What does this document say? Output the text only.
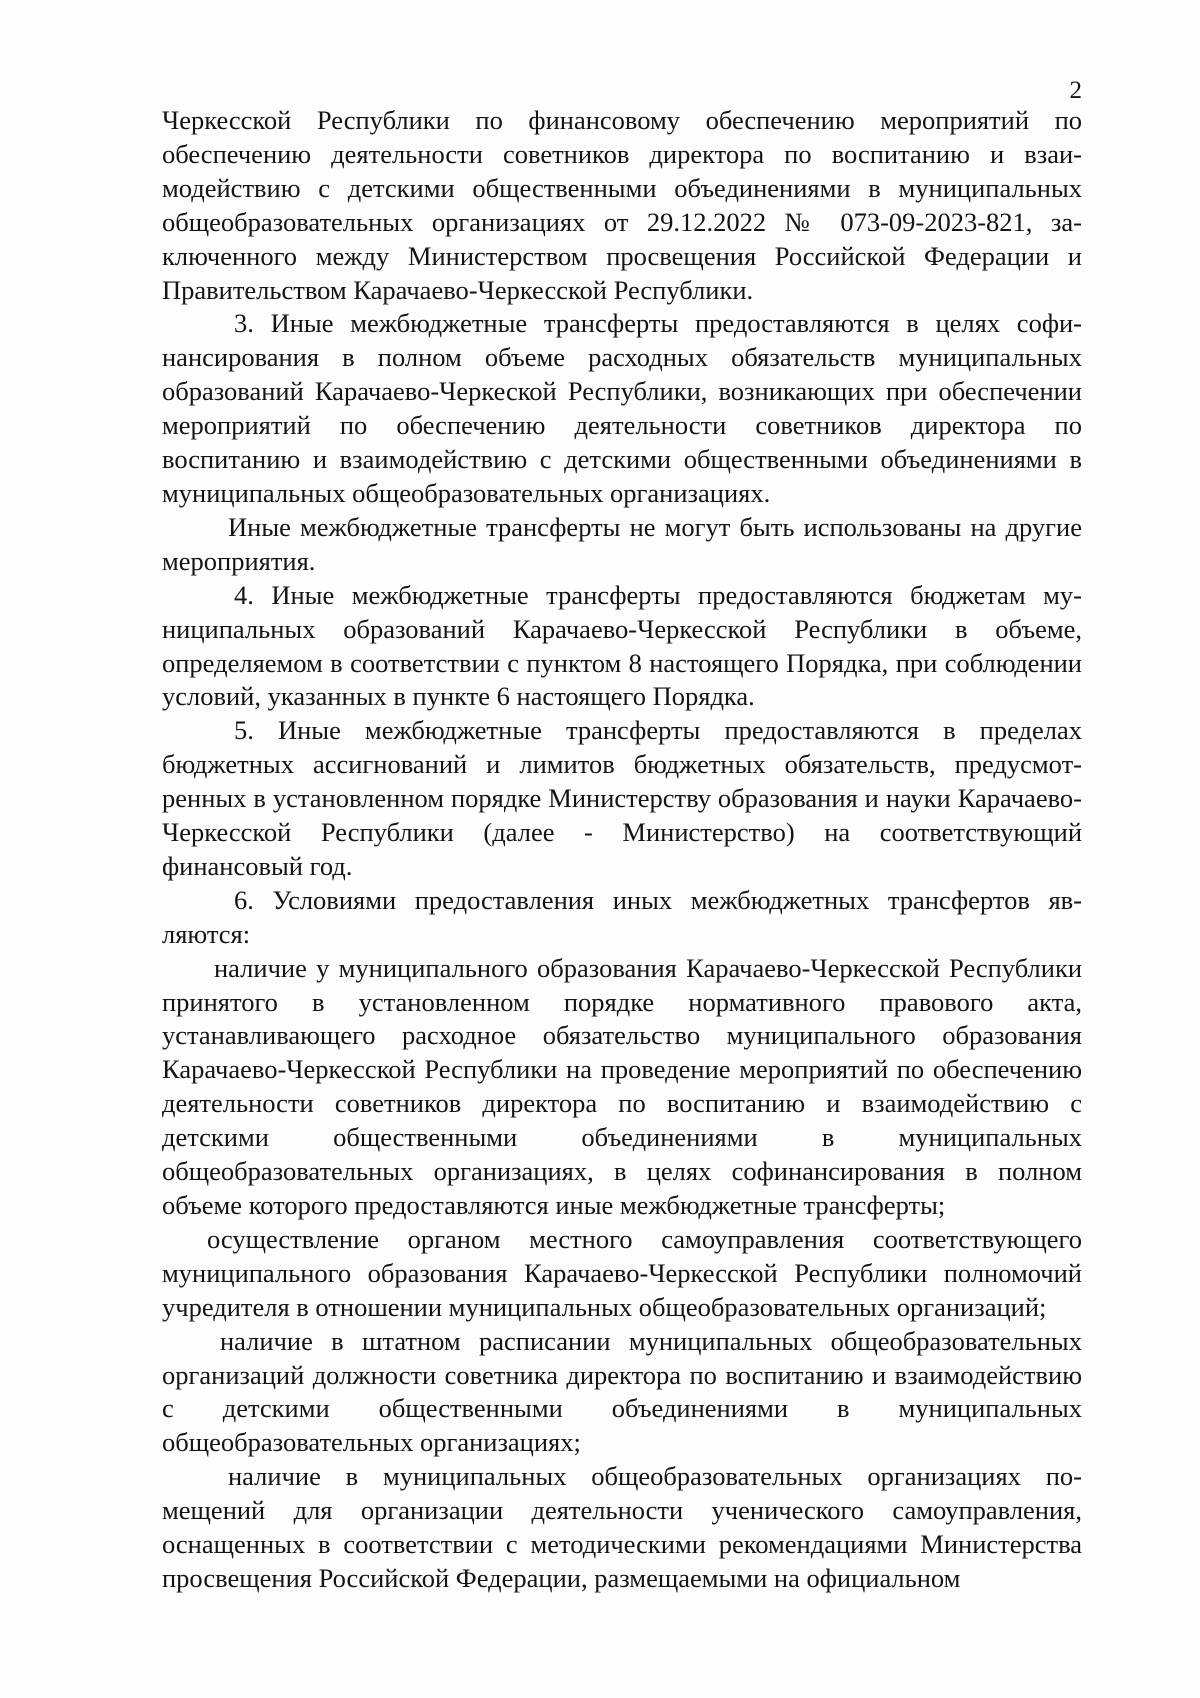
2

Черкесской Республики по финансовому обеспечению мероприятий по обеспечению деятельности советников директора по воспитанию и взаимодействию с детскими общественными объединениями в муниципальных общеобразовательных организациях от 29.12.2022 № 073-09-2023-821, заключенного между Министерством просвещения Российской Федерации и Правительством Карачаево-Черкесской Республики.

3. Иные межбюджетные трансферты предоставляются в целях софинансирования в полном объеме расходных обязательств муниципальных образований Карачаево-Черкеской Республики, возникающих при обеспечении мероприятий по обеспечению деятельности советников директора по воспитанию и взаимодействию с детскими общественными объединениями в муниципальных общеобразовательных организациях.

Иные межбюджетные трансферты не могут быть использованы на другие мероприятия.

4. Иные межбюджетные трансферты предоставляются бюджетам муниципальных образований Карачаево-Черкесской Республики в объеме, определяемом в соответствии с пунктом 8 настоящего Порядка, при соблюдении условий, указанных в пункте 6 настоящего Порядка.

5. Иные межбюджетные трансферты предоставляются в пределах бюджетных ассигнований и лимитов бюджетных обязательств, предусмотренных в установленном порядке Министерству образования и науки Карачаево-Черкесской Республики (далее - Министерство) на соответствующий финансовый год.

6. Условиями предоставления иных межбюджетных трансфертов являются:

наличие у муниципального образования Карачаево-Черкесской Республики принятого в установленном порядке нормативного правового акта, устанавливающего расходное обязательство муниципального образования Карачаево-Черкесской Республики на проведение мероприятий по обеспечению деятельности советников директора по воспитанию и взаимодействию с детскими общественными объединениями в муниципальных общеобразовательных организациях, в целях софинансирования в полном объеме которого предоставляются иные межбюджетные трансферты;

осуществление органом местного самоуправления соответствующего муниципального образования Карачаево-Черкесской Республики полномочий учредителя в отношении муниципальных общеобразовательных организаций;

наличие в штатном расписании муниципальных общеобразовательных организаций должности советника директора по воспитанию и взаимодействию с детскими общественными объединениями в муниципальных общеобразовательных организациях;

наличие в муниципальных общеобразовательных организациях помещений для организации деятельности ученического самоуправления, оснащенных в соответствии с методическими рекомендациями Министерства просвещения Российской Федерации, размещаемыми на официальном
